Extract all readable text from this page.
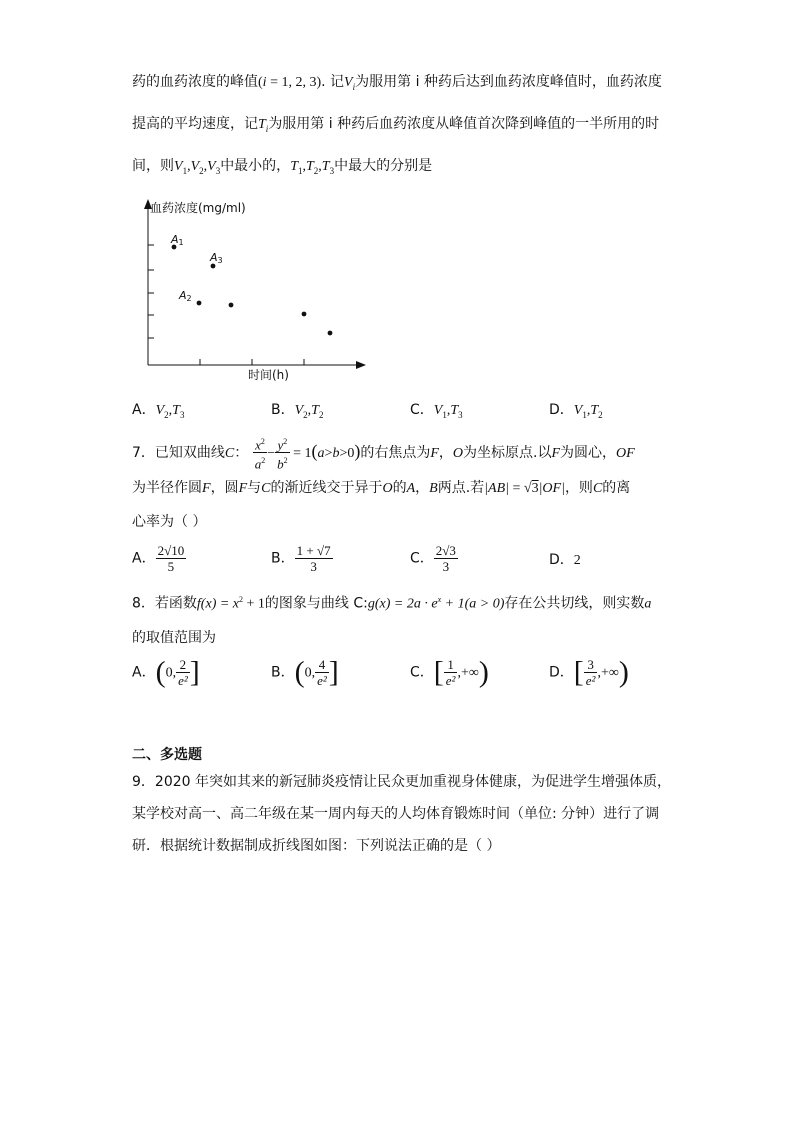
药的血药浓度的峰值(i = 1, 2, 3). 记$V_i$为服用第 i 种药后达到血药浓度峰值时，血药浓度
提高的平均速度，记$T_i$为服用第 i 种药后血药浓度从峰值首次降到峰值的一半所用的时
间，则$V_1,V_2,V_3$中最小的，$T_1,T_2,T_3$中最大的分别是
血药浓度(mg/ml)
时间(h)
A1
A3
A2
A．$V_2,T_3$	B．$V_2,T_2$	C．$V_1,T_3$	D．$V_1,T_2$
7．已知双曲线C： $\frac{x^2}{a^2} - \frac{y^2}{b^2} = 1(a>b>0)$的右焦点为F，O为坐标原点.以F为圆心，OF
为半径作圆F，圆F与C的渐近线交于异于O的A，B两点.若|AB| = √3|OF|，则C的离
心率为（ ）
A． $\frac{2√10}{5}$	B． $\frac{1 + √7}{3}$	C． $\frac{2√3}{3}$	D．2
8．若函数$f(x) = x^2 + 1$的图象与曲线 C:g(x) = $2a \cdot e^x + 1(a > 0)$存在公共切线，则实数a
的取值范围为
A．(0, $\frac{2}{\text{e²}}$ ]	B．(0, $\frac{4}{\text{e²}}$ ]	C．[ $\frac{1}{\text{e²}}$ ,+∞)	D．[ $\frac{3}{\text{e²}}$ ,+∞)
二、多选题
9．2020 年突如其来的新冠肺炎疫情让民众更加重视身体健康，为促进学生增强体质，
某学校对高一、高二年级在某一周内每天的人均体育锻炼时间（单位: 分钟）进行了调
研．根据统计数据制成折线图如图：下列说法正确的是（ ）
